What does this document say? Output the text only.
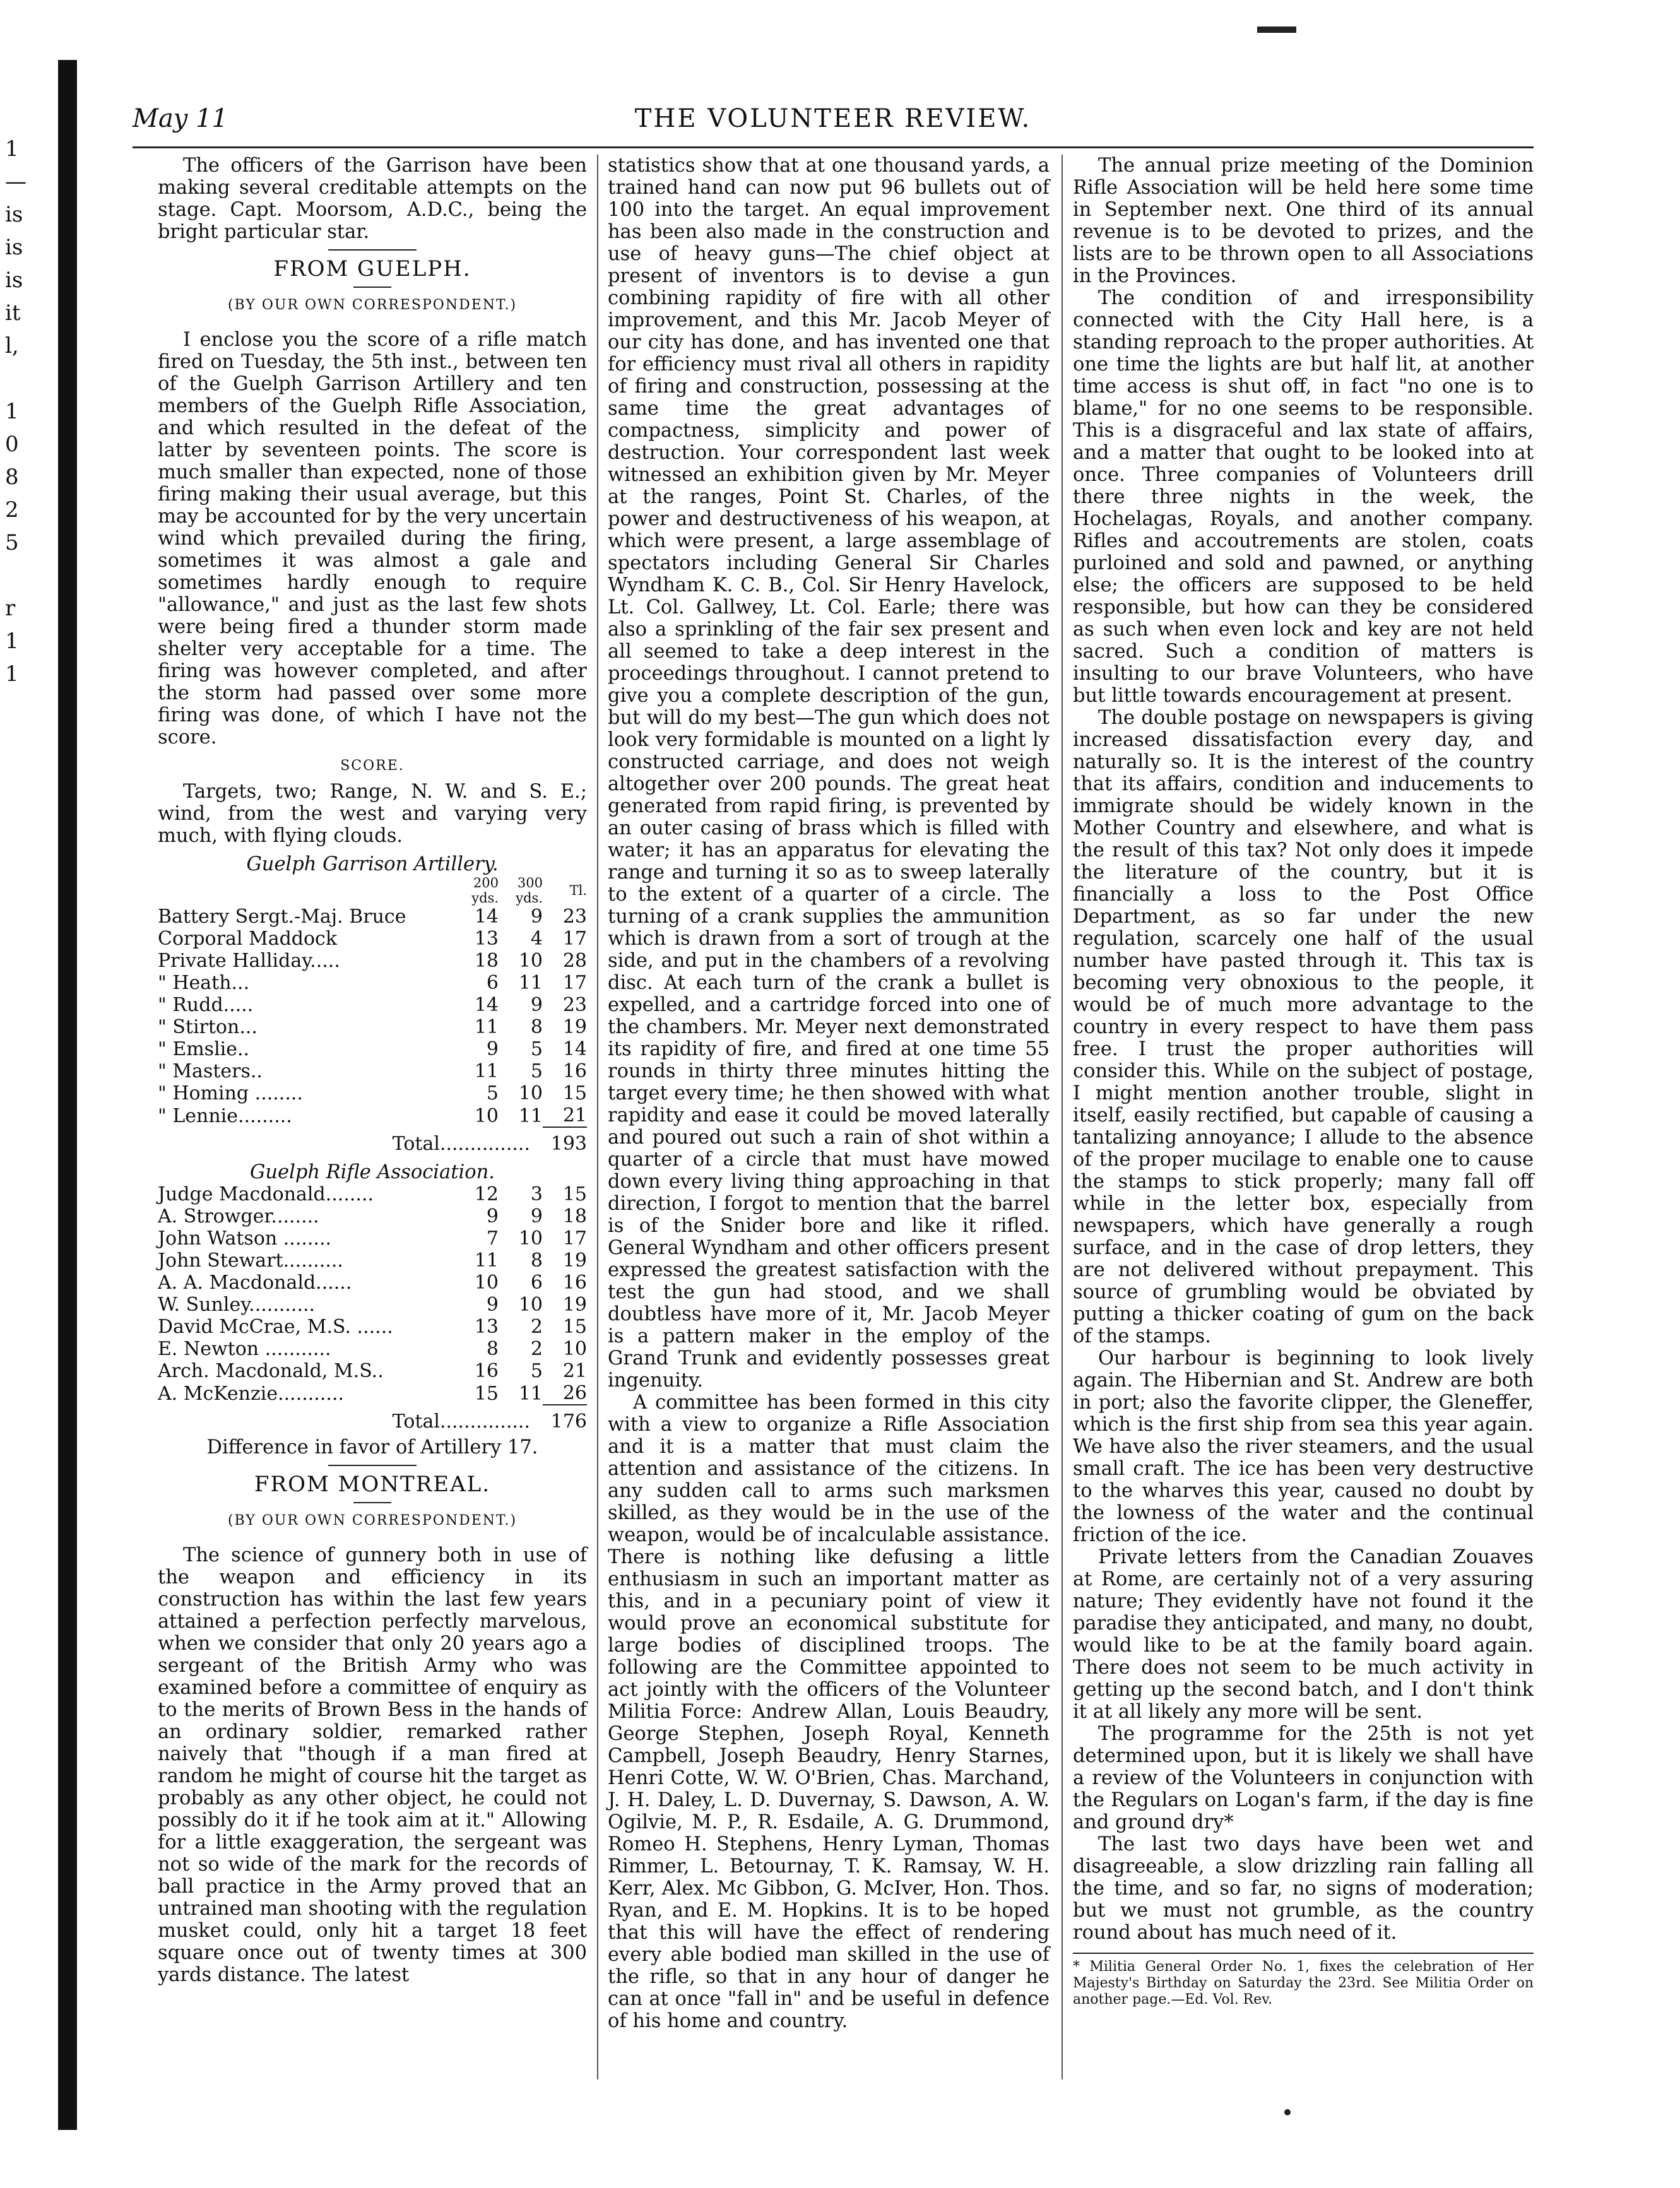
1
—
is
is
is
it
l,

1
0
8
2
5

r
1
1
May 11	THE VOLUNTEER REVIEW.

The officers of the Garrison have been making several creditable attempts on the stage. Capt. Moorsom, A.D.C., being the bright particular star.

FROM GUELPH.
(BY OUR OWN CORRESPONDENT.)

I enclose you the score of a rifle match fired on Tuesday, the 5th inst., between ten of the Guelph Garrison Artillery and ten members of the Guelph Rifle Association, and which resulted in the defeat of the latter by seventeen points. The score is much smaller than expected, none of those firing making their usual average, but this may be accounted for by the very uncertain wind which prevailed during the firing, sometimes it was almost a gale and sometimes hardly enough to require "allowance," and just as the last few shots were being fired a thunder storm made shelter very acceptable for a time. The firing was however completed, and after the storm had passed over some more firing was done, of which I have not the score.

SCORE.

Targets, two; Range, N. W. and S. E.; wind, from the west and varying very much, with flying clouds.

Guelph Garrison Artillery.
	200 yds.	300 yds.	Tl.
Battery Sergt.-Maj. Bruce	14	9	23
Corporal Maddock	13	4	17
Private Halliday.....	18	10	28
" Heath...	6	11	17
" Rudd.....	14	9	23
" Stirton...	11	8	19
" Emslie..	9	5	14
" Masters..	11	5	16
" Homing ........	5	10	15
" Lennie.........	10	11	21
Total...............			193
Guelph Rifle Association.
Judge Macdonald........	12	3	15
A. Strowger........	9	9	18
John Watson ........	7	10	17
John Stewart..........	11	8	19
A. A. Macdonald......	10	6	16
W. Sunley...........	9	10	19
David McCrae, M.S. ......	13	2	15
E. Newton ...........	8	2	10
Arch. Macdonald, M.S..	16	5	21
A. McKenzie...........	15	11	26
Total...............			176
Difference in favor of Artillery 17.
FROM MONTREAL.
(BY OUR OWN CORRESPONDENT.)

The science of gunnery both in use of the weapon and efficiency in its construction has within the last few years attained a perfection perfectly marvelous, when we consider that only 20 years ago a sergeant of the British Army who was examined before a committee of enquiry as to the merits of Brown Bess in the hands of an ordinary soldier, remarked rather naively that "though if a man fired at random he might of course hit the target as probably as any other object, he could not possibly do it if he took aim at it." Allowing for a little exaggeration, the sergeant was not so wide of the mark for the records of ball practice in the Army proved that an untrained man shooting with the regulation musket could, only hit a target 18 feet square once out of twenty times at 300 yards distance. The latest

statistics show that at one thousand yards, a trained hand can now put 96 bullets out of 100 into the target. An equal improvement has been also made in the construction and use of heavy guns—The chief object at present of inventors is to devise a gun combining rapidity of fire with all other improvement, and this Mr. Jacob Meyer of our city has done, and has invented one that for efficiency must rival all others in rapidity of firing and construction, possessing at the same time the great advantages of compactness, simplicity and power of destruction. Your correspondent last week witnessed an exhibition given by Mr. Meyer at the ranges, Point St. Charles, of the power and destructiveness of his weapon, at which were present, a large assemblage of spectators including General Sir Charles Wyndham K. C. B., Col. Sir Henry Havelock, Lt. Col. Gallwey, Lt. Col. Earle; there was also a sprinkling of the fair sex present and all seemed to take a deep interest in the proceedings throughout. I cannot pretend to give you a complete description of the gun, but will do my best—The gun which does not look very formidable is mounted on a light ly constructed carriage, and does not weigh altogether over 200 pounds. The great heat generated from rapid firing, is prevented by an outer casing of brass which is filled with water; it has an apparatus for elevating the range and turning it so as to sweep laterally to the extent of a quarter of a circle. The turning of a crank supplies the ammunition which is drawn from a sort of trough at the side, and put in the chambers of a revolving disc. At each turn of the crank a bullet is expelled, and a cartridge forced into one of the chambers. Mr. Meyer next demonstrated its rapidity of fire, and fired at one time 55 rounds in thirty three minutes hitting the target every time; he then showed with what rapidity and ease it could be moved laterally and poured out such a rain of shot within a quarter of a circle that must have mowed down every living thing approaching in that direction, I forgot to mention that the barrel is of the Snider bore and like it rifled. General Wyndham and other officers present expressed the greatest satisfaction with the test the gun had stood, and we shall doubtless have more of it, Mr. Jacob Meyer is a pattern maker in the employ of the Grand Trunk and evidently possesses great ingenuity.

A committee has been formed in this city with a view to organize a Rifle Association and it is a matter that must claim the attention and assistance of the citizens. In any sudden call to arms such marksmen skilled, as they would be in the use of the weapon, would be of incalculable assistance. There is nothing like defusing a little enthusiasm in such an important matter as this, and in a pecuniary point of view it would prove an economical substitute for large bodies of disciplined troops. The following are the Committee appointed to act jointly with the officers of the Volunteer Militia Force: Andrew Allan, Louis Beaudry, George Stephen, Joseph Royal, Kenneth Campbell, Joseph Beaudry, Henry Starnes, Henri Cotte, W. W. O'Brien, Chas. Marchand, J. H. Daley, L. D. Duvernay, S. Dawson, A. W. Ogilvie, M. P., R. Esdaile, A. G. Drummond, Romeo H. Stephens, Henry Lyman, Thomas Rimmer, L. Betournay, T. K. Ramsay, W. H. Kerr, Alex. Mc Gibbon, G. McIver, Hon. Thos. Ryan, and E. M. Hopkins. It is to be hoped that this will have the effect of rendering every able bodied man skilled in the use of the rifle, so that in any hour of danger he can at once "fall in" and be useful in defence of his home and country.

The annual prize meeting of the Dominion Rifle Association will be held here some time in September next. One third of its annual revenue is to be devoted to prizes, and the lists are to be thrown open to all Associations in the Provinces.

The condition of and irresponsibility connected with the City Hall here, is a standing reproach to the proper authorities. At one time the lights are but half lit, at another time access is shut off, in fact "no one is to blame," for no one seems to be responsible. This is a disgraceful and lax state of affairs, and a matter that ought to be looked into at once. Three companies of Volunteers drill there three nights in the week, the Hochelagas, Royals, and another company. Rifles and accoutrements are stolen, coats purloined and sold and pawned, or anything else; the officers are supposed to be held responsible, but how can they be considered as such when even lock and key are not held sacred. Such a condition of matters is insulting to our brave Volunteers, who have but little towards encouragement at present.

The double postage on newspapers is giving increased dissatisfaction every day, and naturally so. It is the interest of the country that its affairs, condition and inducements to immigrate should be widely known in the Mother Country and elsewhere, and what is the result of this tax? Not only does it impede the literature of the country, but it is financially a loss to the Post Office Department, as so far under the new regulation, scarcely one half of the usual number have pasted through it. This tax is becoming very obnoxious to the people, it would be of much more advantage to the country in every respect to have them pass free. I trust the proper authorities will consider this. While on the subject of postage, I might mention another trouble, slight in itself, easily rectified, but capable of causing a tantalizing annoyance; I allude to the absence of the proper mucilage to enable one to cause the stamps to stick properly; many fall off while in the letter box, especially from newspapers, which have generally a rough surface, and in the case of drop letters, they are not delivered without prepayment. This source of grumbling would be obviated by putting a thicker coating of gum on the back of the stamps.

Our harbour is beginning to look lively again. The Hibernian and St. Andrew are both in port; also the favorite clipper, the Gleneffer, which is the first ship from sea this year again. We have also the river steamers, and the usual small craft. The ice has been very destructive to the wharves this year, caused no doubt by the lowness of the water and the continual friction of the ice.

Private letters from the Canadian Zouaves at Rome, are certainly not of a very assuring nature; They evidently have not found it the paradise they anticipated, and many, no doubt, would like to be at the family board again. There does not seem to be much activity in getting up the second batch, and I don't think it at all likely any more will be sent.

The programme for the 25th is not yet determined upon, but it is likely we shall have a review of the Volunteers in conjunction with the Regulars on Logan's farm, if the day is fine and ground dry*

The last two days have been wet and disagreeable, a slow drizzling rain falling all the time, and so far, no signs of moderation; but we must not grumble, as the country round about has much need of it.

* Militia General Order No. 1, fixes the celebration of Her Majesty's Birthday on Saturday the 23rd. See Militia Order on another page.—Ed. Vol. Rev.
